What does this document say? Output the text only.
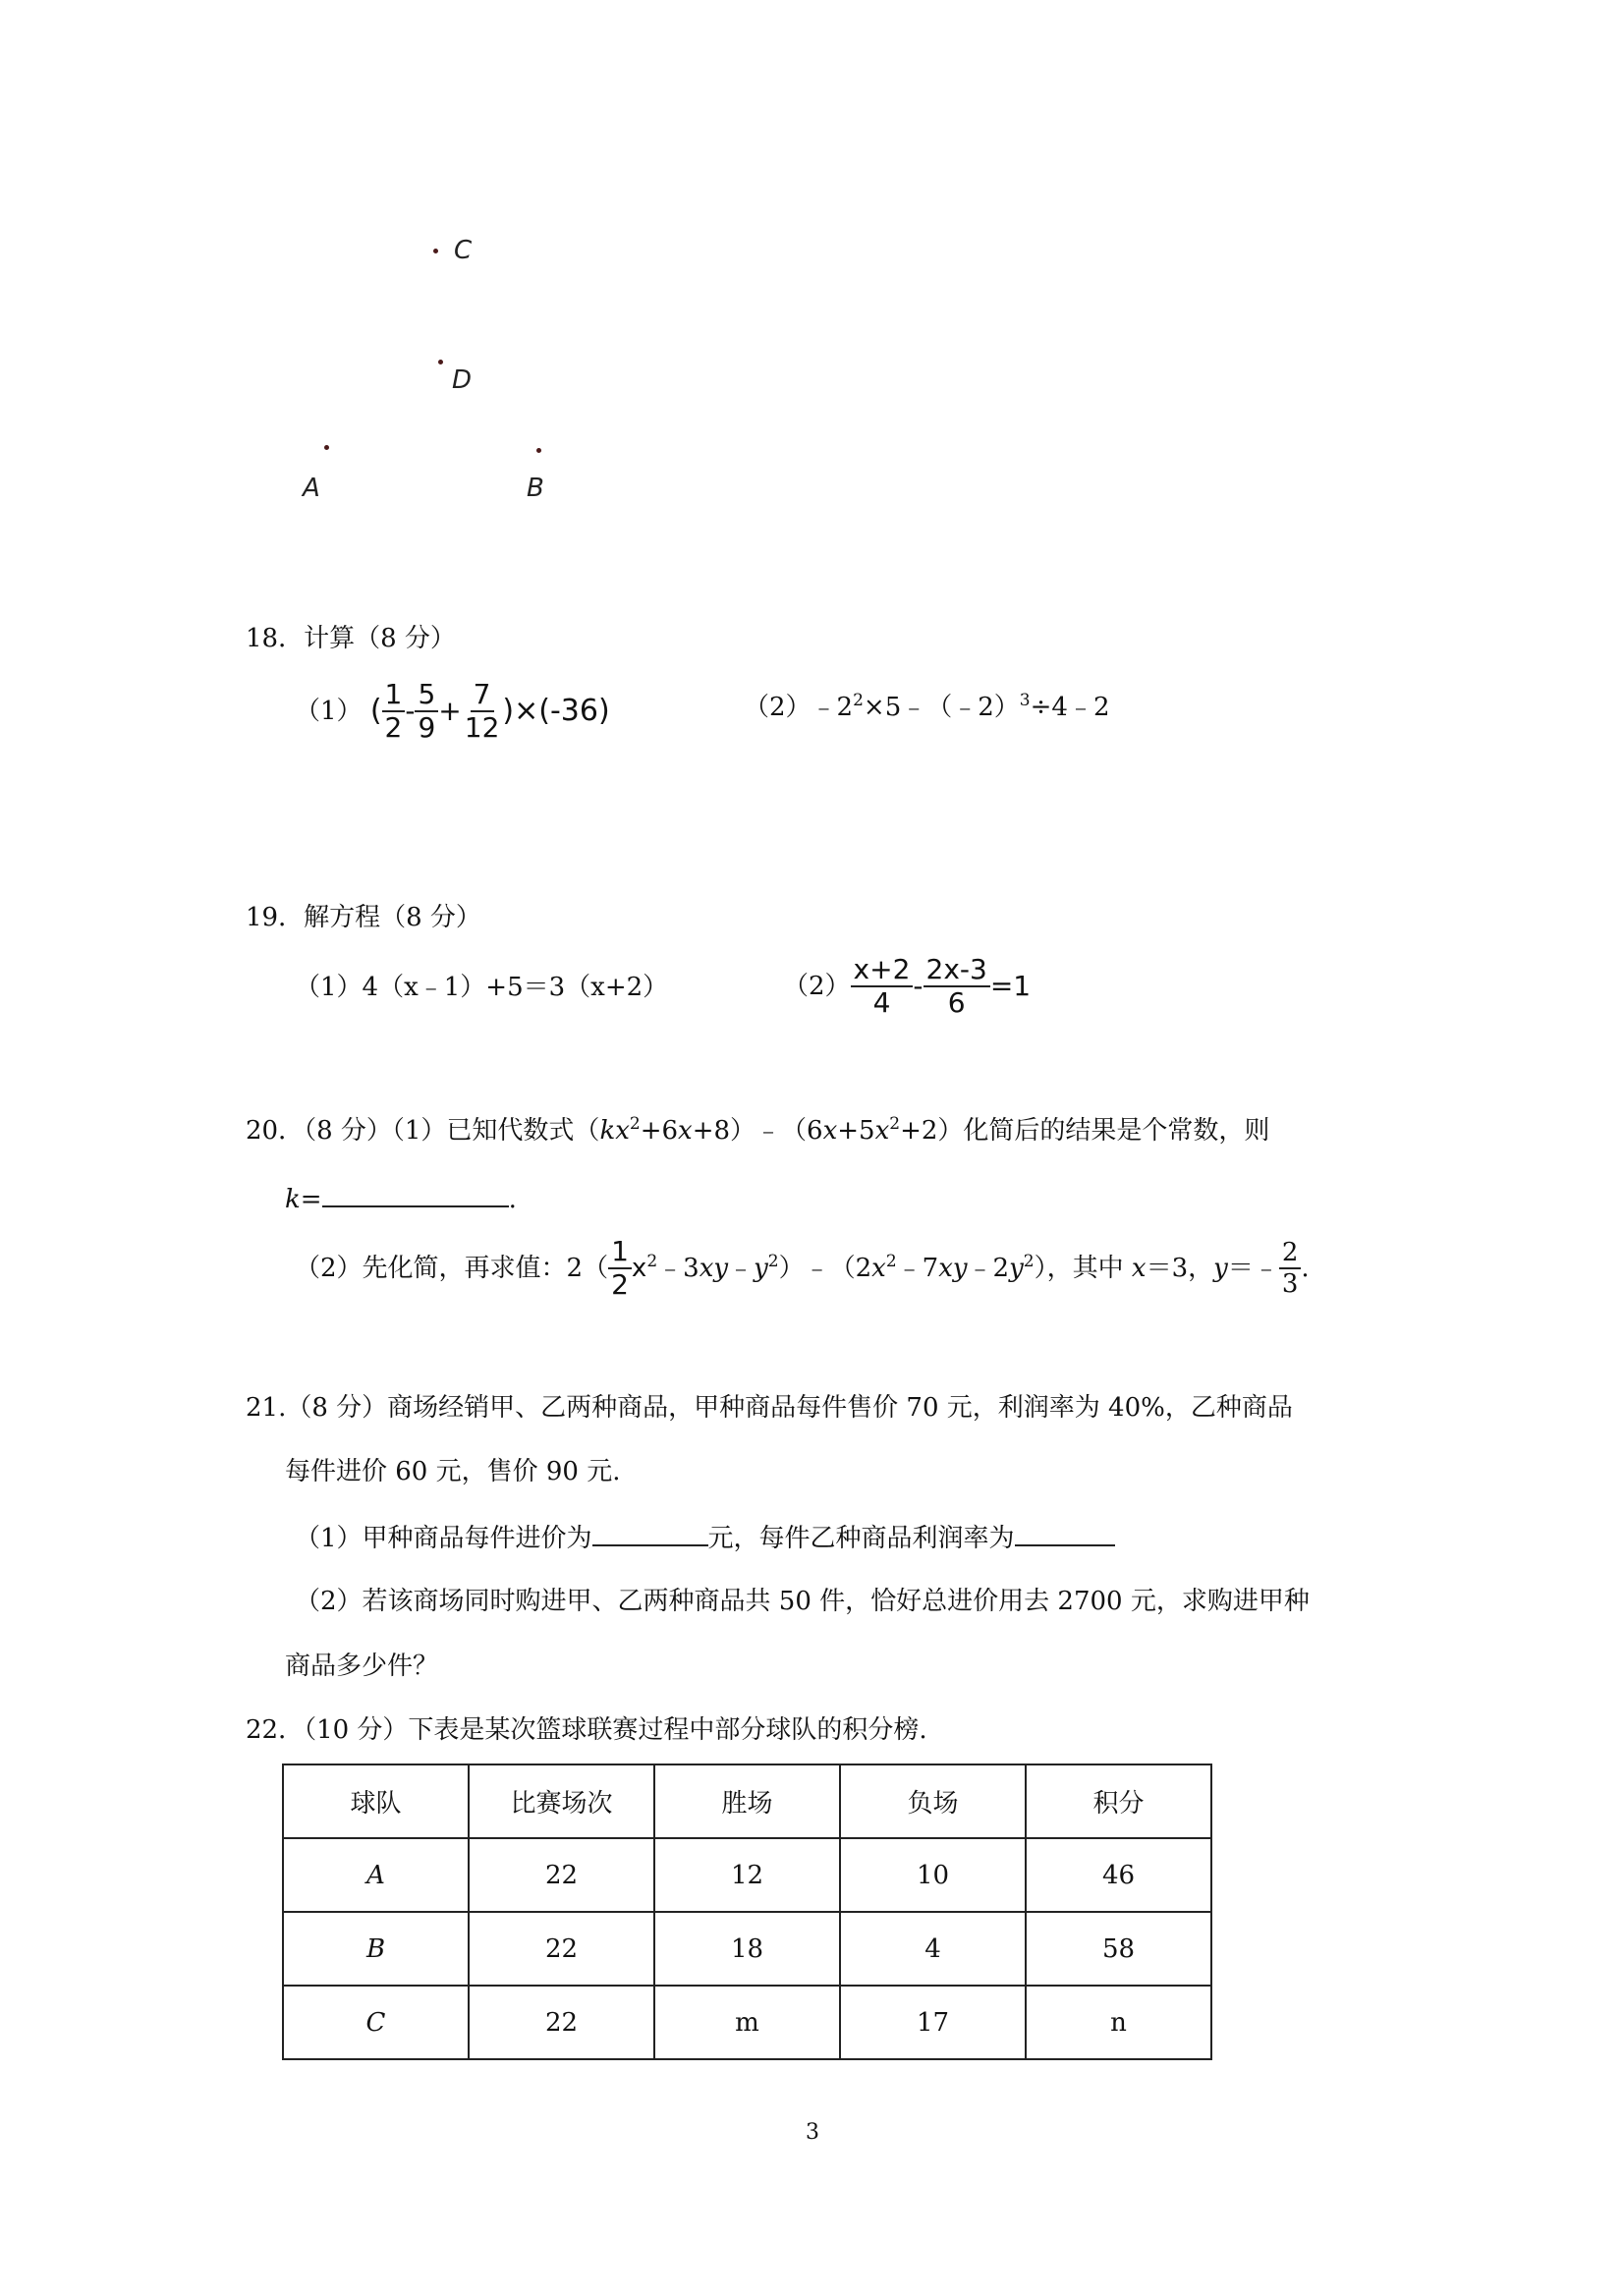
C
D
A	B
18．计算（8 分）
（1） ( $\frac{1}{2} - \frac{5}{9} + \frac{7}{12} )\times(-36)$	$(2)﹣2^2\times 5﹣(﹣2)^3\div 4﹣2$
19．解方程（8 分）
（1）4（x﹣1）+5＝3（x+2）	$(2) \frac{x+2}{4} - \frac{2x-3}{6} =1$
20．（8 分）（1）已知代数式$(kx^2+6x+8)﹣(6x+5x^2+2)$化简后的结果是个常数，则
k=	.
（2）先化简，再求值：$2( \frac{1}{2}$ $x^2﹣3xy﹣y^2)﹣(2x^2﹣7xy﹣2y^2)$，其中 x＝3，y＝﹣ $\frac{2}{3}$ .
21.（8 分）商场经销甲、乙两种商品，甲种商品每件售价 70 元，利润率为 40%，乙种商品
每件进价 60 元，售价 90 元.
（1）甲种商品每件进价为	元，每件乙种商品利润率为
（2）若该商场同时购进甲、乙两种商品共 50 件，恰好总进价用去 2700 元，求购进甲种
商品多少件？
22．（10 分）下表是某次篮球联赛过程中部分球队的积分榜.
球队	比赛场次	胜场	负场	积分
A	22	12	10	46
B	22	18	4	58
C	22	m	17	n
3
